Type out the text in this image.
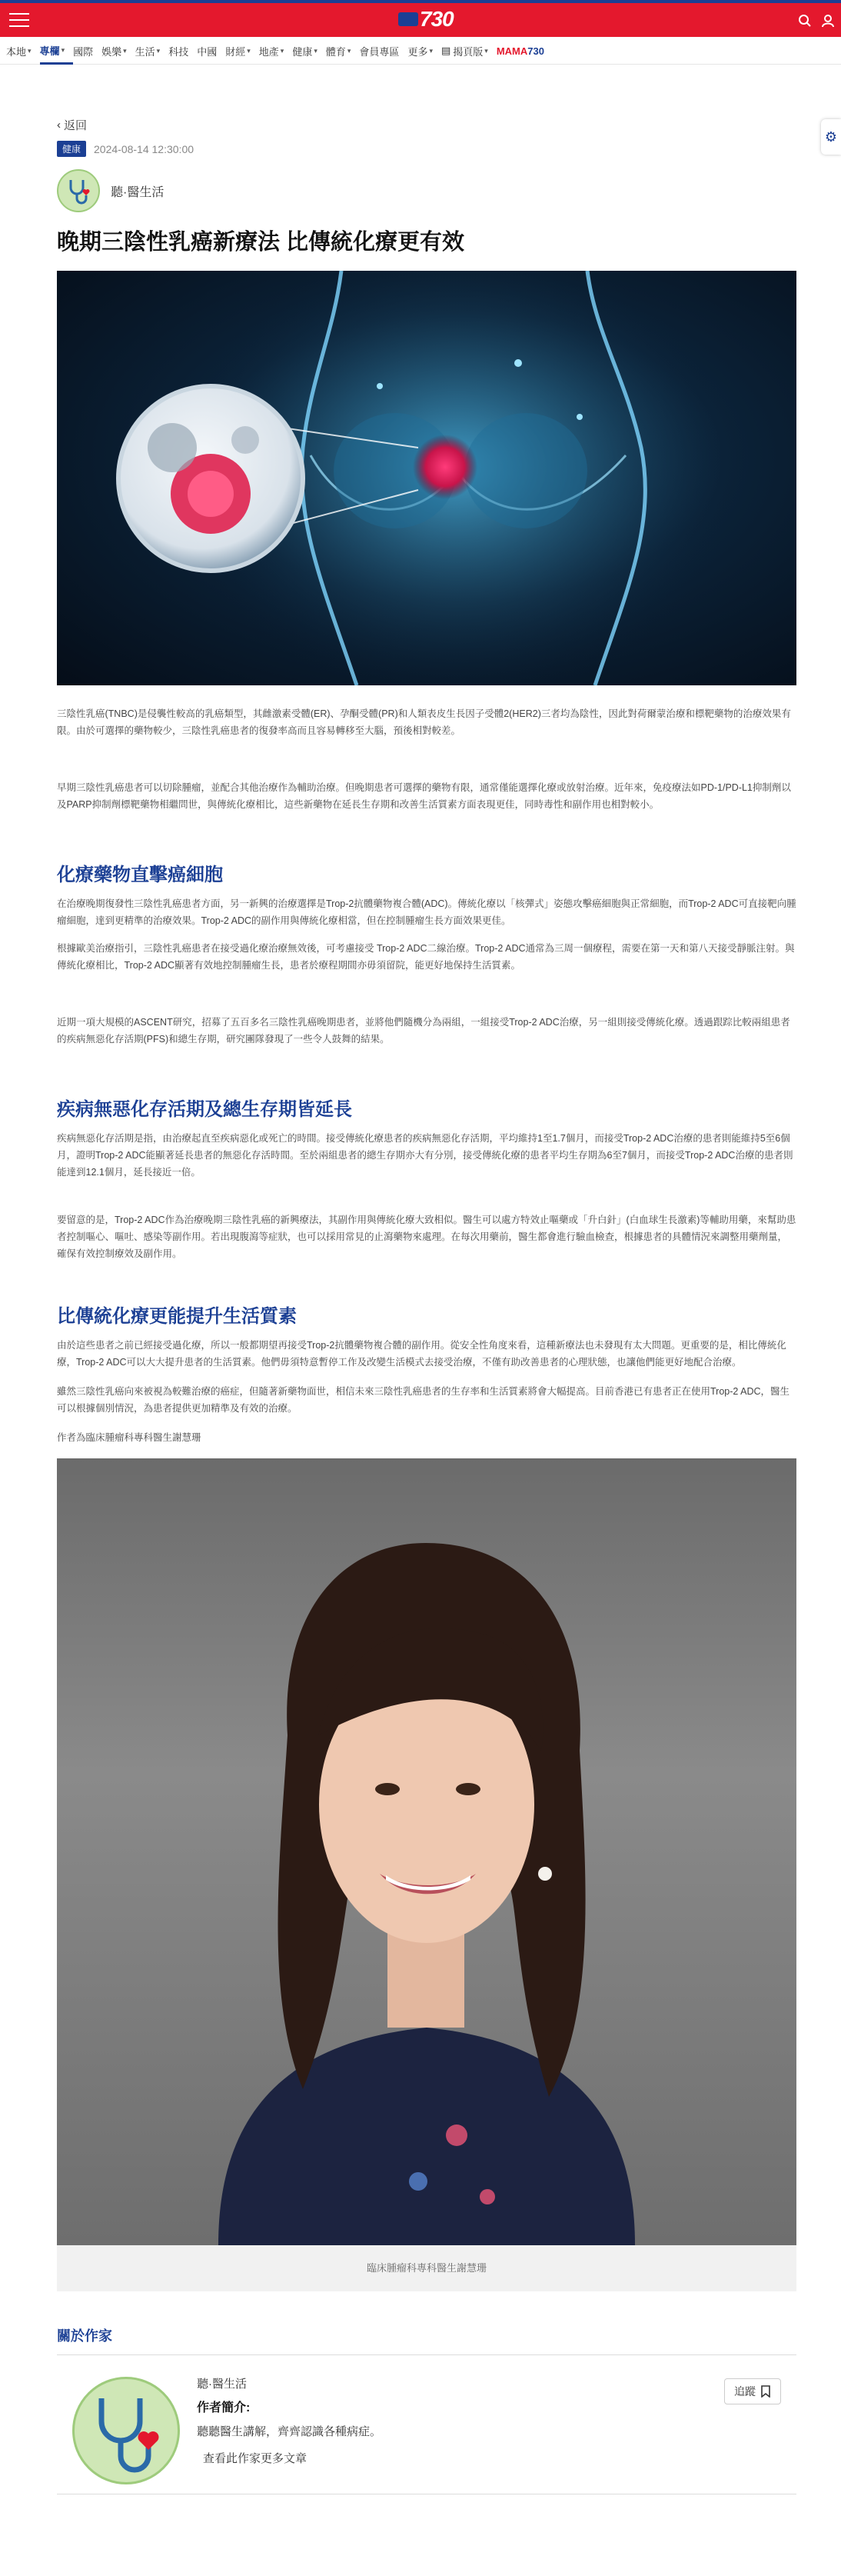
730
本地 ▾ 專欄 ▾ 國際 娛樂 ▾ 生活 ▾ 科技 中國 財經 ▾ 地產 ▾ 健康 ▾ 體育 ▾ 會員專區 更多 ▾ ▤ 揭頁版 ▾ MAMA730
⚙
‹ 返回
健康	2024-08-14 12:30:00
聽·醫生活
晚期三陰性乳癌新療法 比傳統化療更有效

三陰性乳癌(TNBC)是侵襲性較高的乳癌類型，其雌激素受體(ER)、孕酮受體(PR)和人類表皮生長因子受體2(HER2)三者均為陰性，因此對荷爾蒙治療和標靶藥物的治療效果有限。由於可選擇的藥物較少，三陰性乳癌患者的復發率高而且容易轉移至大腦，預後相對較差。

早期三陰性乳癌患者可以切除腫瘤，並配合其他治療作為輔助治療。但晚期患者可選擇的藥物有限，通常僅能選擇化療或放射治療。近年來，免疫療法如PD-1/PD-L1抑制劑以及PARP抑制劑標靶藥物相繼問世，與傳統化療相比，這些新藥物在延長生存期和改善生活質素方面表現更佳，同時毒性和副作用也相對較小。

化療藥物直擊癌細胞

在治療晚期復發性三陰性乳癌患者方面，另一新興的治療選擇是Trop-2抗體藥物複合體(ADC)。傳統化療以「核彈式」姿態攻擊癌細胞與正常細胞，而Trop-2 ADC可直接靶向腫瘤細胞，達到更精準的治療效果。Trop-2 ADC的副作用與傳統化療相當，但在控制腫瘤生長方面效果更佳。

根據歐美治療指引，三陰性乳癌患者在接受過化療治療無效後，可考慮接受 Trop-2 ADC二線治療。Trop-2 ADC通常為三周一個療程，需要在第一天和第八天接受靜脈注射。與傳統化療相比，Trop-2 ADC顯著有效地控制腫瘤生長，患者於療程期間亦毋須留院，能更好地保持生活質素。

近期一項大規模的ASCENT研究，招募了五百多名三陰性乳癌晚期患者，並將他們隨機分為兩組，一組接受Trop-2 ADC治療，另一組則接受傳統化療。透過跟踪比較兩組患者的疾病無惡化存活期(PFS)和總生存期，研究團隊發現了一些令人鼓舞的結果。

疾病無惡化存活期及總生存期皆延長

疾病無惡化存活期是指，由治療起直至疾病惡化或死亡的時間。接受傳統化療患者的疾病無惡化存活期，平均維持1至1.7個月，而接受Trop-2 ADC治療的患者則能維持5至6個月，證明Trop-2 ADC能顯著延長患者的無惡化存活時間。至於兩組患者的總生存期亦大有分別，接受傳統化療的患者平均生存期為6至7個月，而接受Trop-2 ADC治療的患者則能達到12.1個月，延長接近一倍。

要留意的是，Trop-2 ADC作為治療晚期三陰性乳癌的新興療法，其副作用與傳統化療大致相似。醫生可以處方特效止嘔藥或「升白針」(白血球生長激素)等輔助用藥，來幫助患者控制嘔心、嘔吐、感染等副作用。若出現腹瀉等症狀，也可以採用常見的止瀉藥物來處理。在每次用藥前，醫生都會進行驗血檢查，根據患者的具體情況來調整用藥劑量，確保有效控制療效及副作用。

比傳統化療更能提升生活質素

由於這些患者之前已經接受過化療，所以一般都期望再接受Trop-2抗體藥物複合體的副作用。從安全性角度來看，這種新療法也未發現有太大問題。更重要的是，相比傳統化療，Trop-2 ADC可以大大提升患者的生活質素。他們毋須特意暫停工作及改變生活模式去接受治療，不僅有助改善患者的心理狀態，也讓他們能更好地配合治療。

雖然三陰性乳癌向來被視為較難治療的癌症，但隨著新藥物面世，相信未來三陰性乳癌患者的生存率和生活質素將會大幅提高。目前香港已有患者正在使用Trop-2 ADC，醫生可以根據個別情況，為患者提供更加精準及有效的治療。

作者為臨床腫瘤科專科醫生謝慧珊

臨床腫瘤科專科醫生謝慧珊
關於作家
聽·醫生活
作者簡介:
聽聽醫生講解，齊齊認識各種病症。
查看此作家更多文章
追蹤
